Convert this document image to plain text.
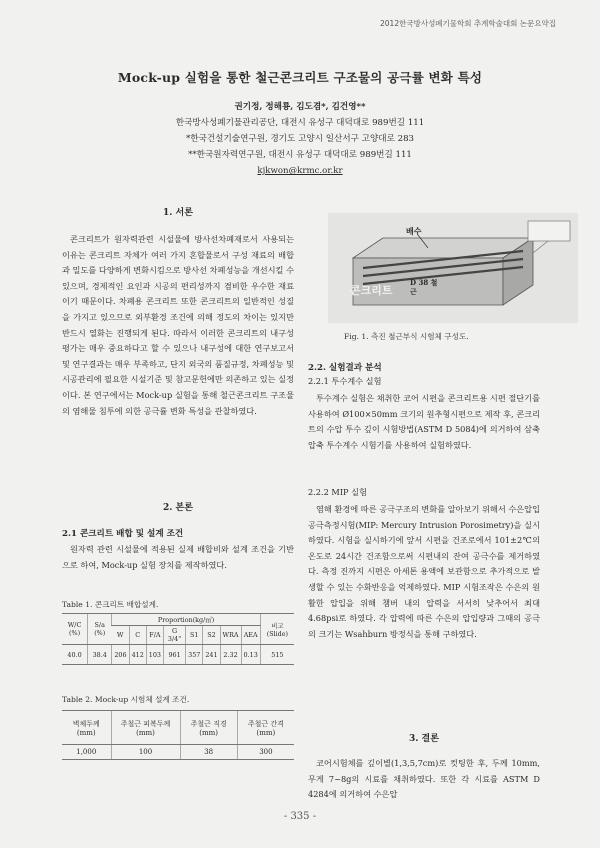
2012한국방사성폐기물학회 추계학술대회 논문요약집
Mock-up 실험을 통한 철근콘크리트 구조물의 공극률 변화 특성
권기정, 정해룡, 김도겸*, 김건영**
한국방사성폐기물관리공단, 대전시 유성구 대덕대로 989번길 111
*한국건설기술연구원, 경기도 고양시 일산서구 고양대로 283
**한국원자력연구원, 대전시 유성구 대덕대로 989번길 111
kjkwon@krmc.or.kr
1. 서론
콘크리트가 원자력관련 시설물에 방사선차폐재로서 사용되는 이유는 콘크리트 자체가 여러 가지 혼합물로서 구성 재료의 배합과 밀도를 다양하게 변화시킴으로 방사선 차폐성능을 개선시킬 수 있으며, 경제적인 요인과 시공의 편리성까지 겸비한 우수한 재료이기 때문이다. 차폐용 콘크리트 또한 콘크리트의 일반적인 성질을 가지고 있으므로 외부환경 조건에 의해 정도의 차이는 있지만 반드시 열화는 진행되게 된다. 따라서 이러한 콘크리트의 내구성 평가는 매우 중요하다고 할 수 있으나 내구성에 대한 연구보고서 및 연구결과는 매우 부족하고, 단지 외국의 품질규정, 차폐성능 및 시공관리에 필요한 시설기준 및 참고문헌에만 의존하고 있는 실정이다. 본 연구에서는 Mock-up 실험을 통해 철근콘크리트 구조물의 염해물 침투에 의한 공극률 변화 특성을 관찰하였다.
2. 본론
2.1 콘크리트 배합 및 설계 조건
원자력 관련 시설물에 적용된 실제 배합비와 설계 조건을 기반으로 하여, Mock-up 실험 장치를 제작하였다.
Table 1. 콘크리트 배합설계.
W/C (%)	S/a (%)	Proportion(kg/㎥)								비고 (Slide)
		W	C	F/A	G 3/4"	S1	S2	WRA	AEA	
40.0	38.4	206	412	103	961	357	241	2.32	0.13	515
Table 2. Mock-up 시험체 설계 조건.
벽체두께 (mm)	주철근 피복두께 (mm)	주철근 직경 (mm)	주철근 간격 (mm)
1,000	100	38	300
배수
콘크리트
D 38 철근
Fig. 1. 측진 철근부식 시험체 구성도.
2.2. 실험결과 분석
2.2.1 투수계수 실험
투수계수 실험은 채취한 코어 시편을 콘크리트용 시편 절단기를 사용하여 Ø100×50mm 크기의 원추형시편으로 제작 후, 콘크리트의 수압 투수 깊이 시험방법(ASTM D 5084)에 의거하여 삼축압축 투수계수 시험기를 사용하여 실험하였다.
2.2.2 MIP 실험
염해 환경에 따른 공극구조의 변화를 알아보기 위해서 수은압입 공극측정시험(MIP: Mercury Intrusion Porosimetry)을 실시하였다. 시험을 실시하기에 앞서 시편을 건조로에서 101±2℃의 온도로 24시간 건조함으로써 시편내의 잔여 공극수를 제거하였다. 측정 진까지 시편은 아세톤 용액에 보관함으로 추가적으로 발생할 수 있는 수화반응을 억제하였다. MIP 시험조작은 수은의 원활한 압입을 위해 챔버 내의 압력을 서서히 낮추어서 최대 4.68psi로 하였다. 각 압력에 따른 수은의 압입량과 그때의 공극의 크기는 Wsahburn 방정식을 통해 구하였다.
3. 결론
코어시험체를 깊이별(1,3,5,7cm)로 컷팅한 후, 두께 10mm, 무게 7~8g의 시료를 채취하였다. 또한 각 시료를 ASTM D 4284에 의거하여 수은압
- 335 -
